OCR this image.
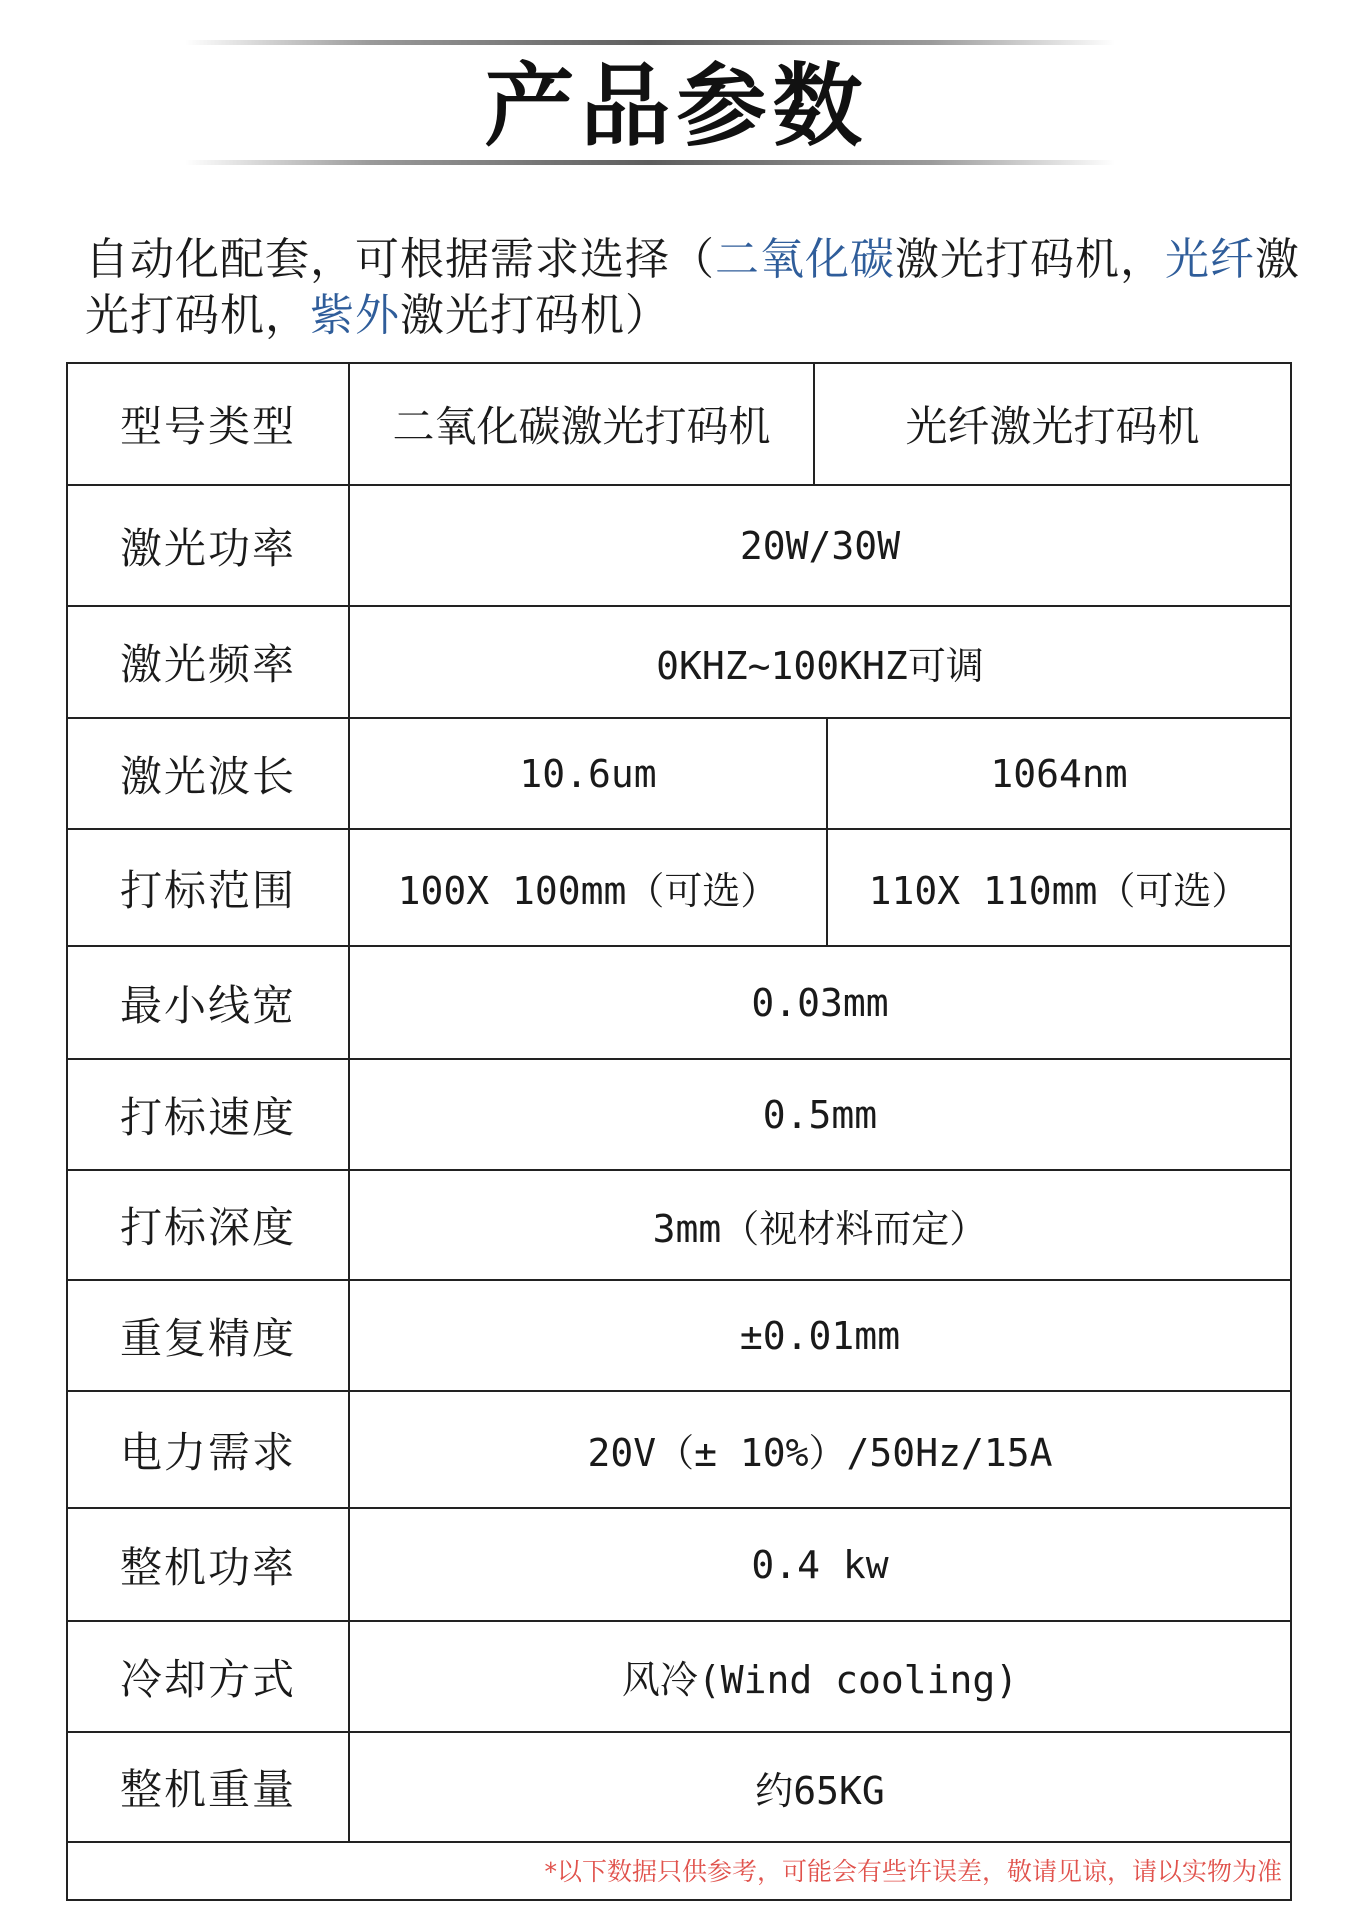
产品参数
自动化配套，可根据需求选择（二氧化碳激光打码机，光纤激光打码机，紫外激光打码机）
型号类型	二氧化碳激光打码机	光纤激光打码机
激光功率	20W/30W
激光频率	0KHZ~100KHZ可调
激光波长	10.6um	1064nm
打标范围	100X 100mm（可选）	110X 110mm（可选）
最小线宽	0.03mm
打标速度	0.5mm
打标深度	3mm（视材料而定）
重复精度	±0.01mm
电力需求	20V（± 10%）/50Hz/15A
整机功率	0.4 kw
冷却方式	风冷(Wind cooling)
整机重量	约65KG
*以下数据只供参考，可能会有些许误差，敬请见谅，请以实物为准
